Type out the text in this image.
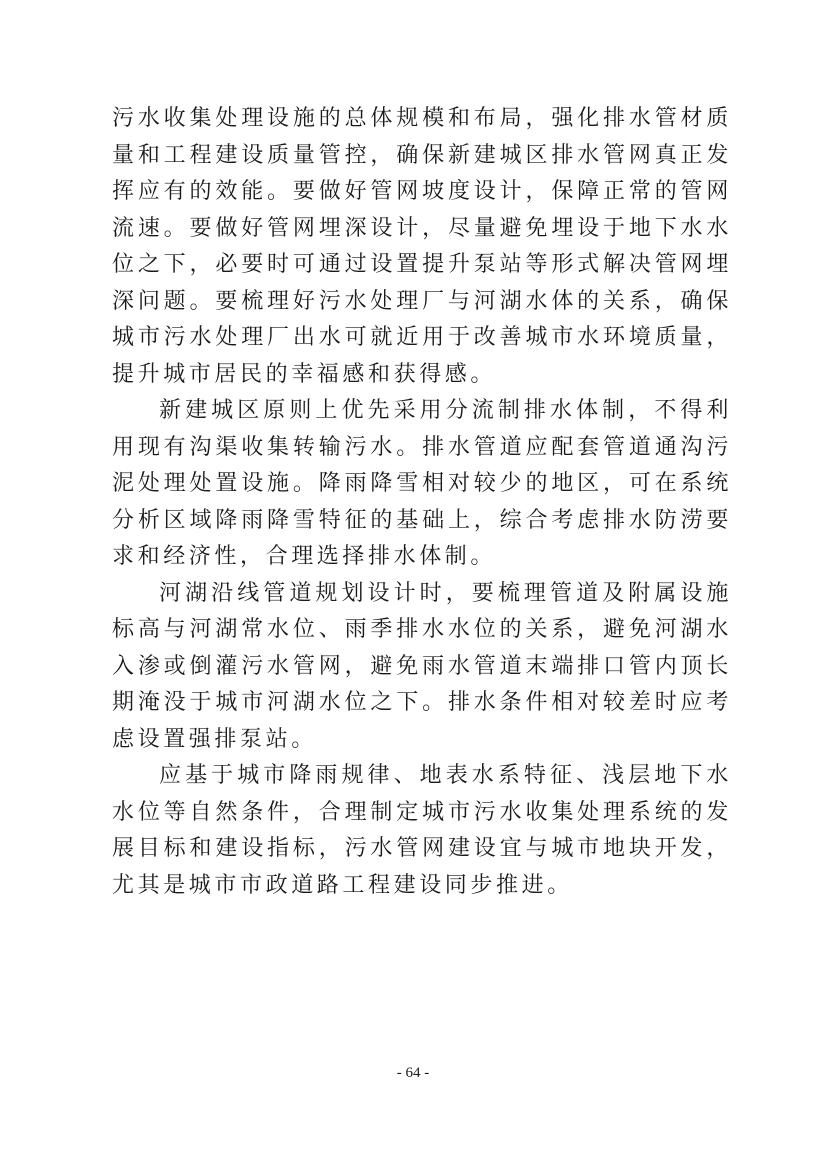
污水收集处理设施的总体规模和布局，强化排水管材质量和工程建设质量管控，确保新建城区排水管网真正发挥应有的效能。要做好管网坡度设计，保障正常的管网流速。要做好管网埋深设计，尽量避免埋设于地下水水位之下，必要时可通过设置提升泵站等形式解决管网埋深问题。要梳理好污水处理厂与河湖水体的关系，确保城市污水处理厂出水可就近用于改善城市水环境质量，提升城市居民的幸福感和获得感。

新建城区原则上优先采用分流制排水体制，不得利用现有沟渠收集转输污水。排水管道应配套管道通沟污泥处理处置设施。降雨降雪相对较少的地区，可在系统分析区域降雨降雪特征的基础上，综合考虑排水防涝要求和经济性，合理选择排水体制。

河湖沿线管道规划设计时，要梳理管道及附属设施标高与河湖常水位、雨季排水水位的关系，避免河湖水入渗或倒灌污水管网，避免雨水管道末端排口管内顶长期淹没于城市河湖水位之下。排水条件相对较差时应考虑设置强排泵站。

应基于城市降雨规律、地表水系特征、浅层地下水水位等自然条件，合理制定城市污水收集处理系统的发展目标和建设指标，污水管网建设宜与城市地块开发，尤其是城市市政道路工程建设同步推进。

- 64 -
